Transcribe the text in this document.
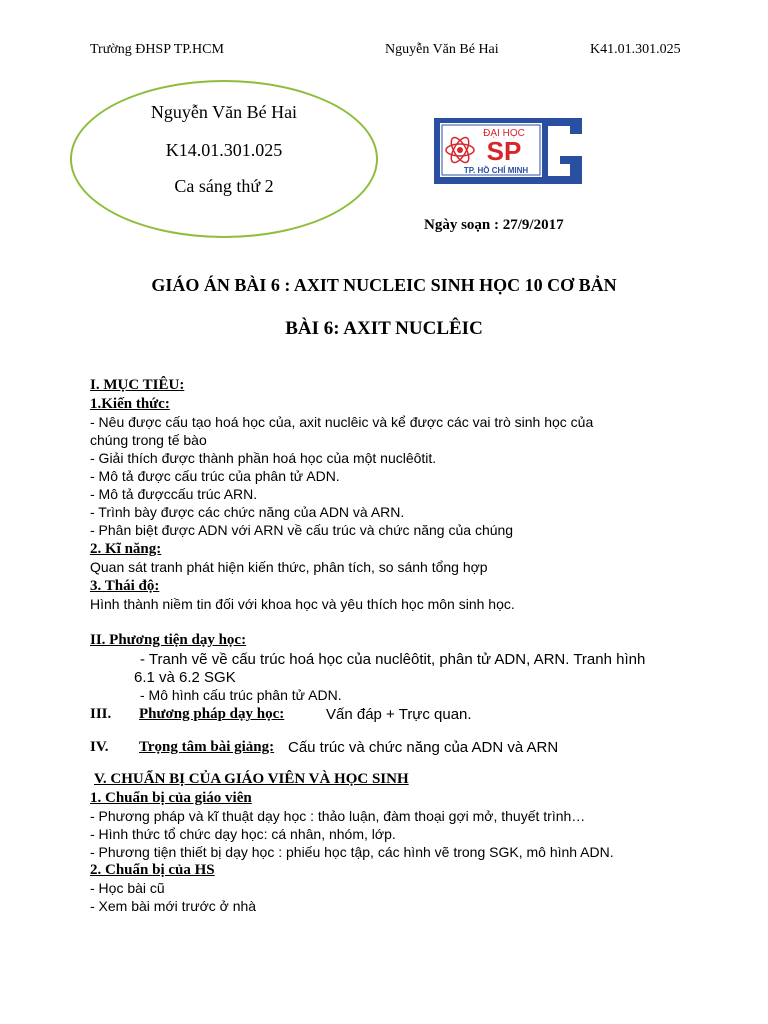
Trường ĐHSP TP.HCM	Nguyễn Văn Bé Hai	K41.01.301.025
Nguyễn Văn Bé Hai
K14.01.301.025
Ca sáng thứ 2
ĐẠI HỌC
SP
TP. HỒ CHÍ MINH
Ngày soạn : 27/9/2017
GIÁO ÁN BÀI 6 : AXIT NUCLEIC SINH HỌC 10 CƠ BẢN
BÀI 6: AXIT NUCLÊIC
I. MỤC TIÊU:
1.Kiến thức:
- Nêu được cấu tạo hoá học của, axit nuclêic và kể được các vai trò sinh học của
chúng trong tế bào
- Giải thích được thành phần hoá học của một nuclêôtit.
- Mô tả được cấu trúc của phân tử ADN.
- Mô tả đượccấu trúc ARN.
- Trình bày được các chức năng của ADN và ARN.
- Phân biệt được ADN với ARN về cấu trúc và chức năng của chúng
2. Kĩ năng:
Quan sát tranh phát hiện kiến thức, phân tích, so sánh tổng hợp
3. Thái độ:
Hình thành niềm tin đối với khoa học và yêu thích học môn sinh học.
II. Phương tiện dạy học:
- Tranh vẽ về cấu trúc hoá học của nuclêôtit, phân tử ADN, ARN. Tranh hình
6.1 và 6.2 SGK
- Mô hình cấu trúc phân tử ADN.
III. Phương pháp dạy học:	Vấn đáp + Trực quan.
IV. Trọng tâm bài giảng: Cấu trúc và chức năng của ADN và ARN
V. CHUẨN BỊ CỦA GIÁO VIÊN VÀ HỌC SINH
1. Chuẩn bị của giáo viên
- Phương pháp và kĩ thuật dạy học : thảo luận, đàm thoại gợi mở, thuyết trình…
- Hình thức tổ chức dạy học: cá nhân, nhóm, lớp.
- Phương tiện thiết bị dạy học : phiếu học tập, các hình vẽ trong SGK, mô hình ADN.
2. Chuẩn bị của HS
- Học bài cũ
- Xem bài mới trước ở nhà
